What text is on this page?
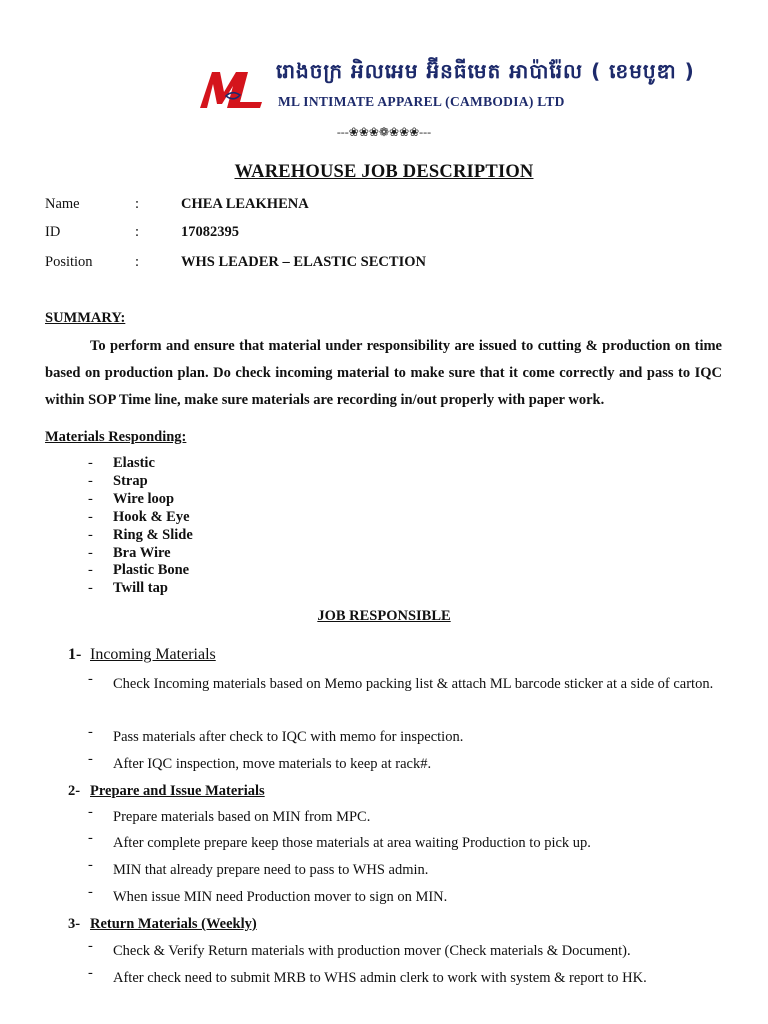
រោងចក្រ អិលអេម អ៊ីនធីមេត អាប៉ារ៉ែល ( ខេមបូឌា )
ML INTIMATE APPAREL (CAMBODIA) LTD
---❀❀❀❁❀❀❀---
WAREHOUSE JOB DESCRIPTION
Name	:	CHEA LEAKHENA
ID	:	17082395
Position	:	WHS LEADER – ELASTIC SECTION
SUMMARY:

To perform and ensure that material under responsibility are issued to cutting & production on time based on production plan. Do check incoming material to make sure that it come correctly and pass to IQC within SOP Time line, make sure materials are recording in/out properly with paper work.

Materials Responding:
-	Elastic
-	Strap
-	Wire loop
-	Hook & Eye
-	Ring & Slide
-	Bra Wire
-	Plastic Bone
-	Twill tap
JOB RESPONSIBLE
1- Incoming Materials
-	Check Incoming materials based on Memo packing list & attach ML barcode sticker at a side of carton.
-	Pass materials after check to IQC with memo for inspection.
-	After IQC inspection, move materials to keep at rack#.
2- Prepare and Issue Materials
-	Prepare materials based on MIN from MPC.
-	After complete prepare keep those materials at area waiting Production to pick up.
-	MIN that already prepare need to pass to WHS admin.
-	When issue MIN need Production mover to sign on MIN.
3- Return Materials (Weekly)
-	Check & Verify Return materials with production mover (Check materials & Document).
-	After check need to submit MRB to WHS admin clerk to work with system & report to HK.
